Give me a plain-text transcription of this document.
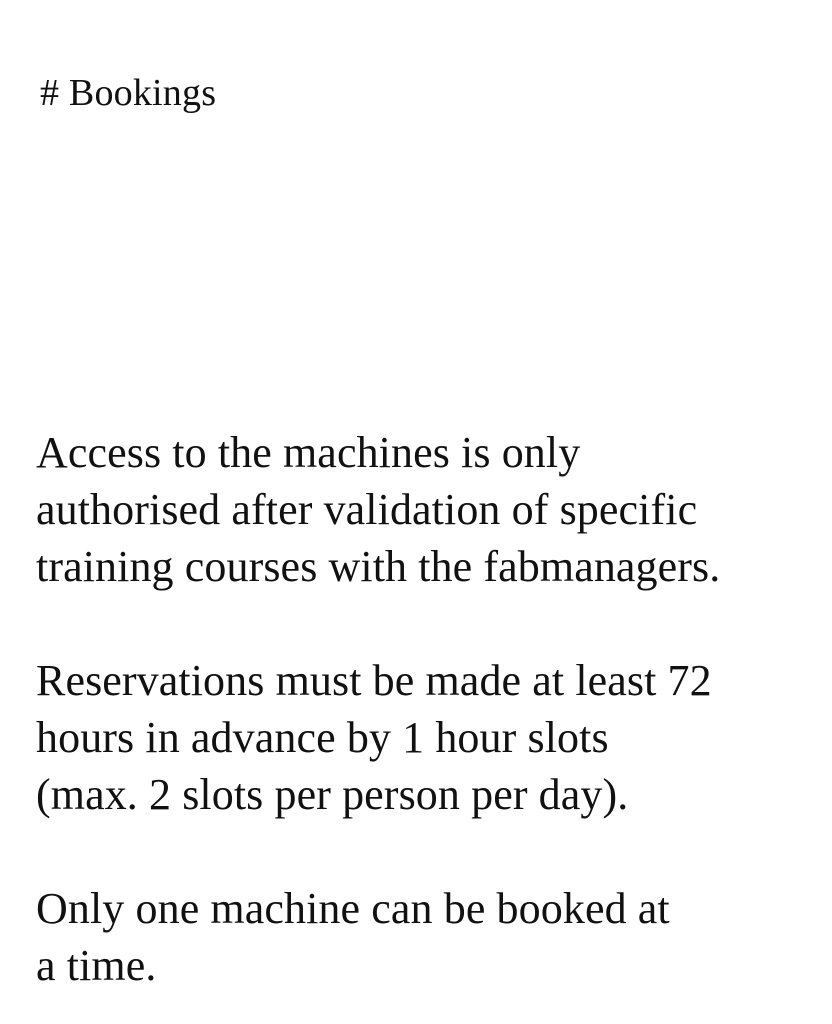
# Bookings

Access to the machines is only
authorised after validation of specific
training courses with the fabmanagers.

Reservations must be made at least 72
hours in advance by 1 hour slots
(max. 2 slots per person per day).

Only one machine can be booked at
a time.
